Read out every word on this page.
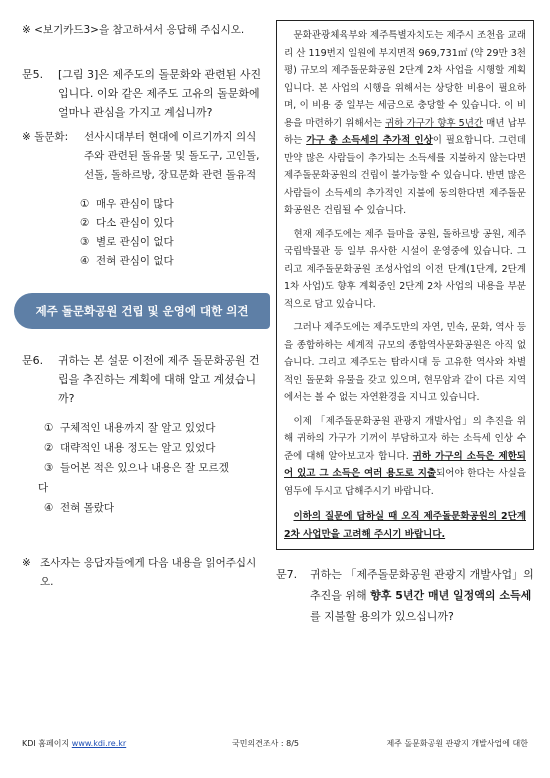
※ <보기카드3>을 참고하셔서 응답해 주십시오.
문5. [그림 3]은 제주도의 돌문화와 관련된 사진입니다. 이와 같은 제주도 고유의 돌문화에 얼마나 관심을 가지고 계십니까?
※ 돌문화: 선사시대부터 현대에 이르기까지 의식주와 관련된 돌유물 및 돌도구, 고인돌, 선돌, 돌하르방, 장묘문화 관련 돌유적
① 매우 관심이 많다
② 다소 관심이 있다
③ 별로 관심이 없다
④ 전혀 관심이 없다
제주 돌문화공원 건립 및 운영에 대한 의견
문6. 귀하는 본 설문 이전에 제주 돌문화공원 건립을 추진하는 계획에 대해 알고 계셨습니까?
① 구체적인 내용까지 잘 알고 있었다
② 대략적인 내용 정도는 알고 있었다
③ 들어본 적은 있으나 내용은 잘 모르겠
다
④ 전혀 몰랐다
※ 조사자는 응답자들에게 다음 내용을 읽어주십시오.

문화관광체육부와 제주특별자치도는 제주시 조천읍 교래리 산 119번지 일원에 부지면적 969,731㎡ (약 29만 3천평) 규모의 제주돌문화공원 2단계 2차 사업을 시행할 계획입니다. 본 사업의 시행을 위해서는 상당한 비용이 필요하며, 이 비용 중 일부는 세금으로 충당할 수 있습니다. 이 비용을 마련하기 위해서는 귀하 가구가 향후 5년간 매년 납부하는 가구 총 소득세의 추가적 인상이 필요합니다. 그런데 만약 많은 사람들이 추가되는 소득세를 지불하지 않는다면 제주돌문화공원의 건립이 불가능할 수 있습니다. 반면 많은 사람들이 소득세의 추가적인 지불에 동의한다면 제주돌문화공원은 건립될 수 있습니다.

현재 제주도에는 제주 들마을 공원, 돌하르방 공원, 제주국립박물관 등 일부 유사한 시설이 운영중에 있습니다. 그리고 제주돌문화공원 조성사업의 이전 단계(1단계, 2단계 1차 사업)도 향후 계획중인 2단계 2차 사업의 내용을 부분적으로 담고 있습니다.

그러나 제주도에는 제주도만의 자연, 민속, 문화, 역사 등을 종합하하는 세계적 규모의 종합역사문화공원은 아직 없습니다. 그리고 제주도는 탐라시대 등 고유한 역사와 차별적인 돌문화 유물을 갖고 있으며, 현무암과 같이 다른 지역에서는 볼 수 없는 자연환경을 지니고 있습니다.

이제 「제주돌문화공원 관광지 개발사업」의 추진을 위해 귀하의 가구가 기꺼이 부담하고자 하는 소득세 인상 수준에 대해 알아보고자 합니다. 귀하 가구의 소득은 제한되어 있고 그 소득은 여러 용도로 지출되어야 한다는 사실을 염두에 두시고 답해주시기 바랍니다.

이하의 질문에 답하실 때 오직 제주돌문화공원의 2단계 2차 사업만을 고려해 주시기 바랍니다.

문7. 귀하는 「제주돌문화공원 관광지 개발사업」의 추진을 위해 향후 5년간 매년 일정액의 소득세를 지불할 용의가 있으십니까?
KDI 홈페이지 www.kdi.re.kr	국민의견조사 : 8/5	제주 돌문화공원 관광지 개발사업에 대한
